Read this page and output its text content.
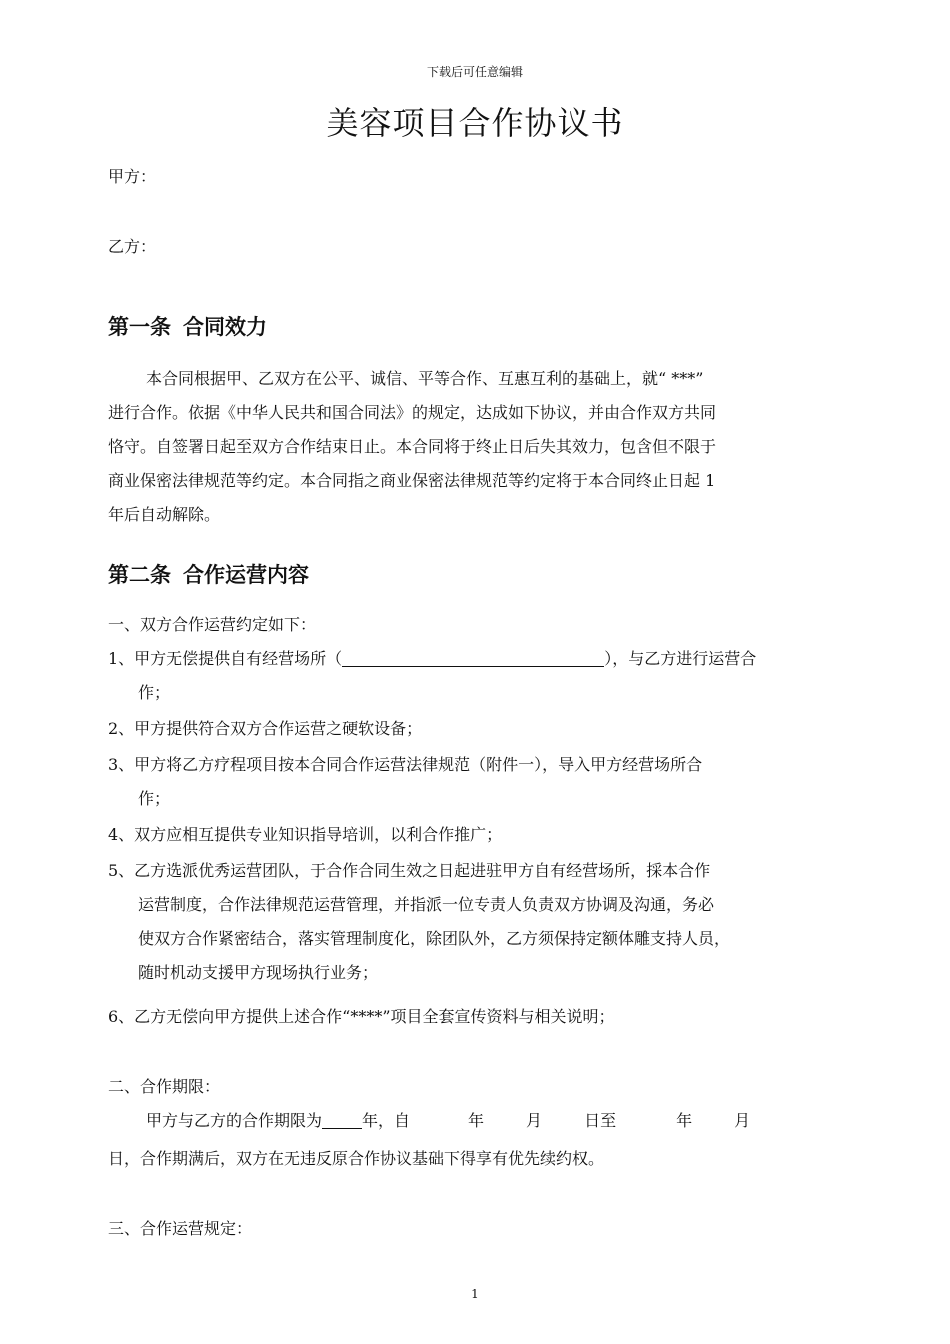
下载后可任意编辑
美容项目合作协议书
甲方：
乙方：
第一条 合同效力
本合同根据甲、乙双方在公平、诚信、平等合作、互惠互利的基础上，就“ ***”
进行合作。依据《中华人民共和国合同法》的规定，达成如下协议，并由合作双方共同
恪守。自签署日起至双方合作结束日止。本合同将于终止日后失其效力，包含但不限于
商业保密法律规范等约定。本合同指之商业保密法律规范等约定将于本合同终止日起 1
年后自动解除。
第二条 合作运营内容
一、双方合作运营约定如下：
1、甲方无偿提供自有经营场所（	），与乙方进行运营合
作；
2、甲方提供符合双方合作运营之硬软设备；
3、甲方将乙方疗程项目按本合同合作运营法律规范（附件一），导入甲方经营场所合
作；
4、双方应相互提供专业知识指导培训，以利合作推广；
5、乙方选派优秀运营团队，于合作合同生效之日起进驻甲方自有经营场所，採本合作
运营制度，合作法律规范运营管理，并指派一位专责人负责双方协调及沟通，务必
使双方合作紧密结合，落实管理制度化，除团队外，乙方须保持定额体雕支持人员，
随时机动支援甲方现场执行业务；
6、乙方无偿向甲方提供上述合作“****”项目全套宣传资料与相关说明；
二、合作期限：
甲方与乙方的合作期限为	年，自	年	月	日至	年	月
日，合作期满后，双方在无违反原合作协议基础下得享有优先续约权。
三、合作运营规定：
1
